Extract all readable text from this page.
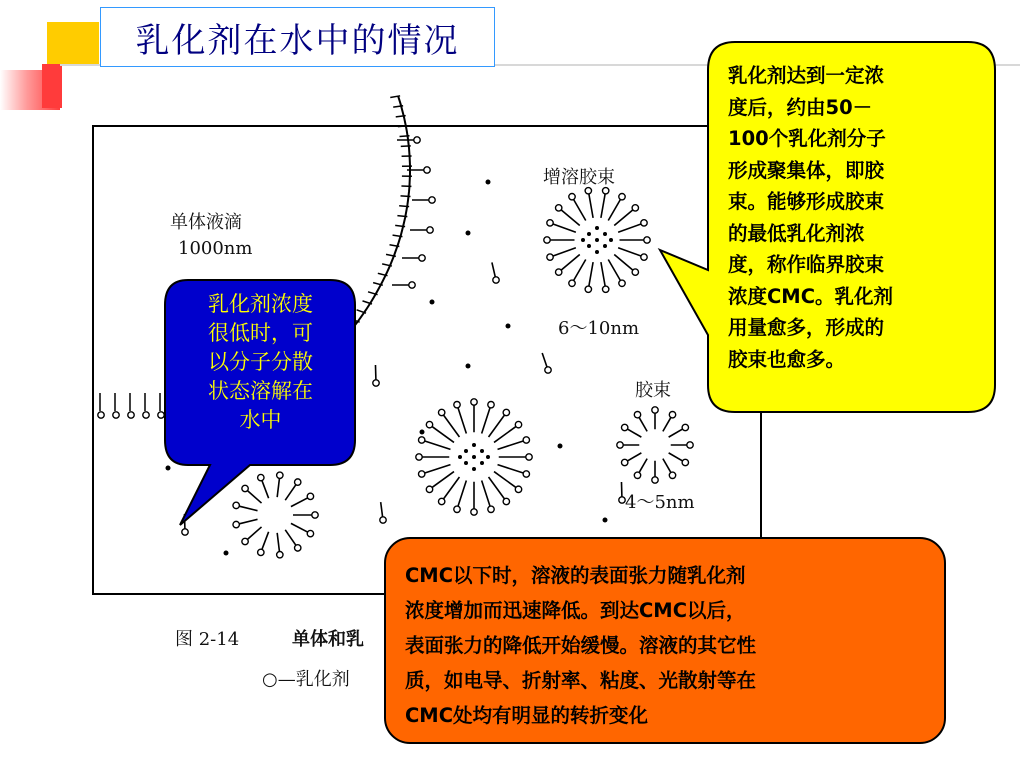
乳化剂在水中的情况
单体液滴
1000nm
增溶胶束
6～10nm
胶束
4～5nm
图 2-14	单体和乳
○—乳化剂
乳化剂浓度
很低时，可
以分子分散
状态溶解在
水中
乳化剂达到一定浓
度后，约由50－
100个乳化剂分子
形成聚集体，即胶
束。能够形成胶束
的最低乳化剂浓
度，称作临界胶束
浓度CMC。乳化剂
用量愈多，形成的
胶束也愈多。
CMC以下时，溶液的表面张力随乳化剂
浓度增加而迅速降低。到达CMC以后，
表面张力的降低开始缓慢。溶液的其它性
质，如电导、折射率、粘度、光散射等在
CMC处均有明显的转折变化
